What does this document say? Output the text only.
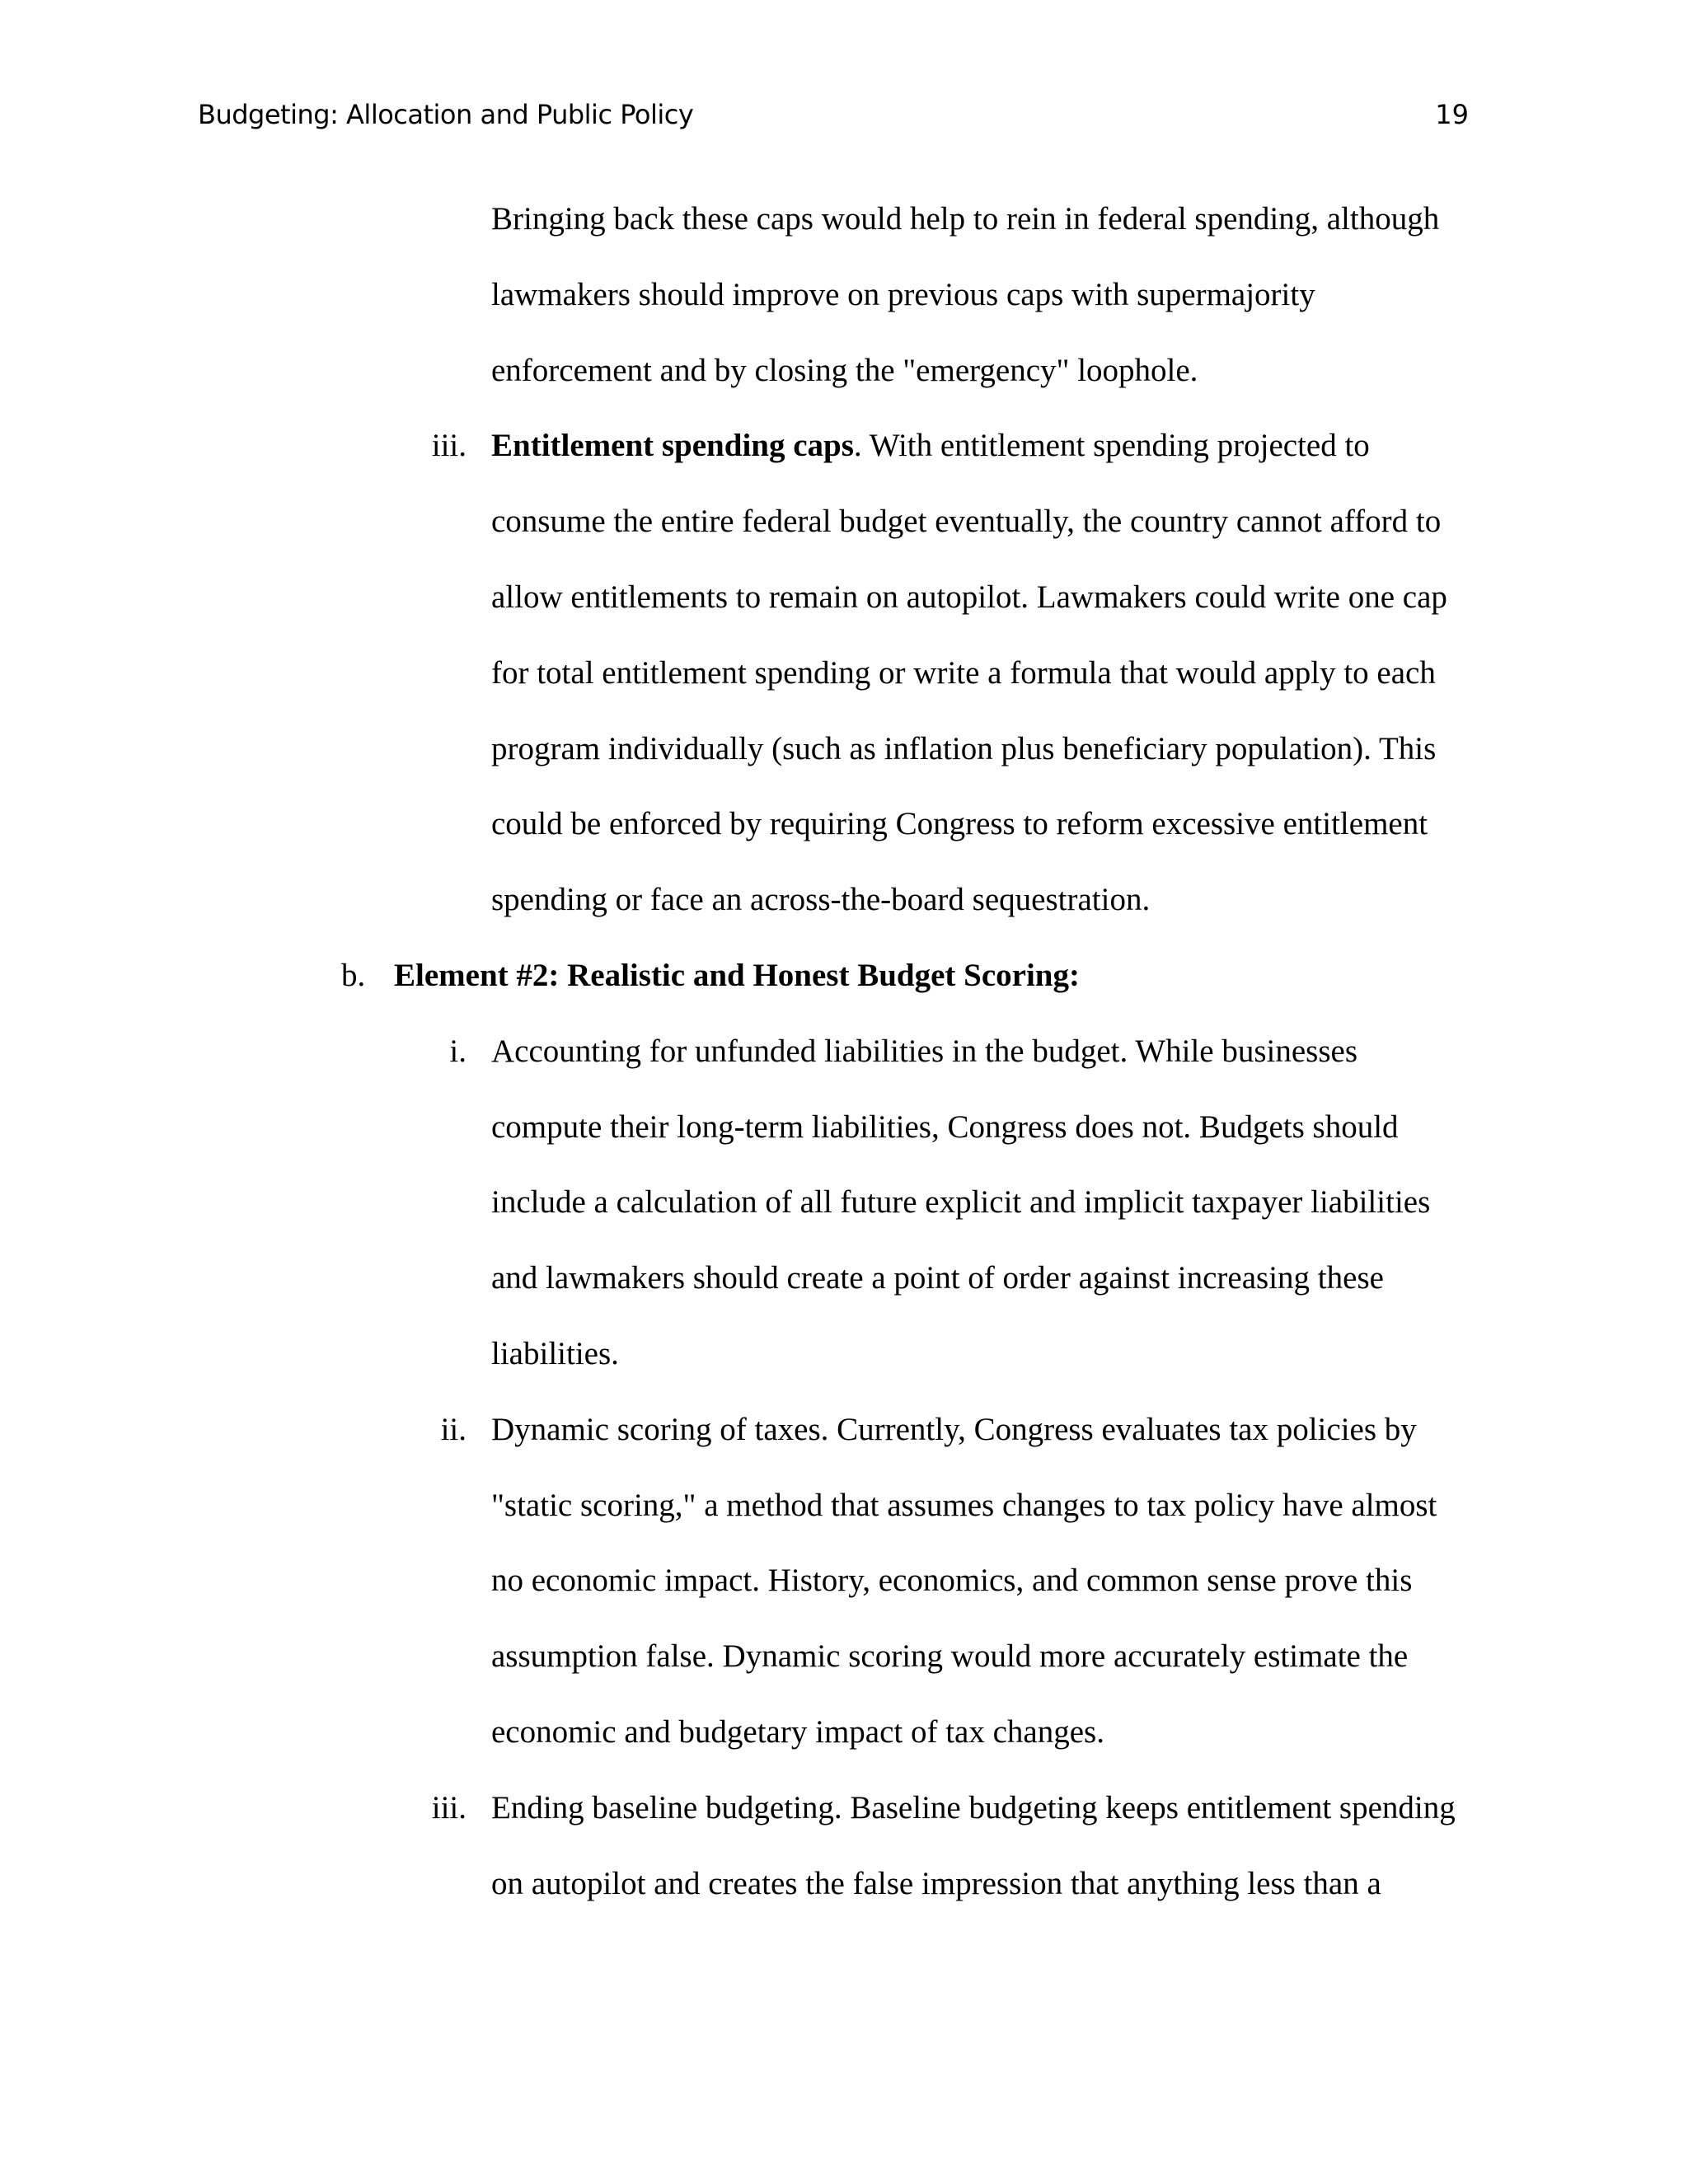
Budgeting: Allocation and Public Policy	19
Bringing back these caps would help to rein in federal spending, although
lawmakers should improve on previous caps with supermajority
enforcement and by closing the "emergency" loophole.
iii. Entitlement spending caps. With entitlement spending projected to
consume the entire federal budget eventually, the country cannot afford to
allow entitlements to remain on autopilot. Lawmakers could write one cap
for total entitlement spending or write a formula that would apply to each
program individually (such as inflation plus beneficiary population). This
could be enforced by requiring Congress to reform excessive entitlement
spending or face an across-the-board sequestration.
b. Element #2: Realistic and Honest Budget Scoring:
i. Accounting for unfunded liabilities in the budget. While businesses
compute their long-term liabilities, Congress does not. Budgets should
include a calculation of all future explicit and implicit taxpayer liabilities
and lawmakers should create a point of order against increasing these
liabilities.
ii. Dynamic scoring of taxes. Currently, Congress evaluates tax policies by
"static scoring," a method that assumes changes to tax policy have almost
no economic impact. History, economics, and common sense prove this
assumption false. Dynamic scoring would more accurately estimate the
economic and budgetary impact of tax changes.
iii. Ending baseline budgeting. Baseline budgeting keeps entitlement spending
on autopilot and creates the false impression that anything less than a
